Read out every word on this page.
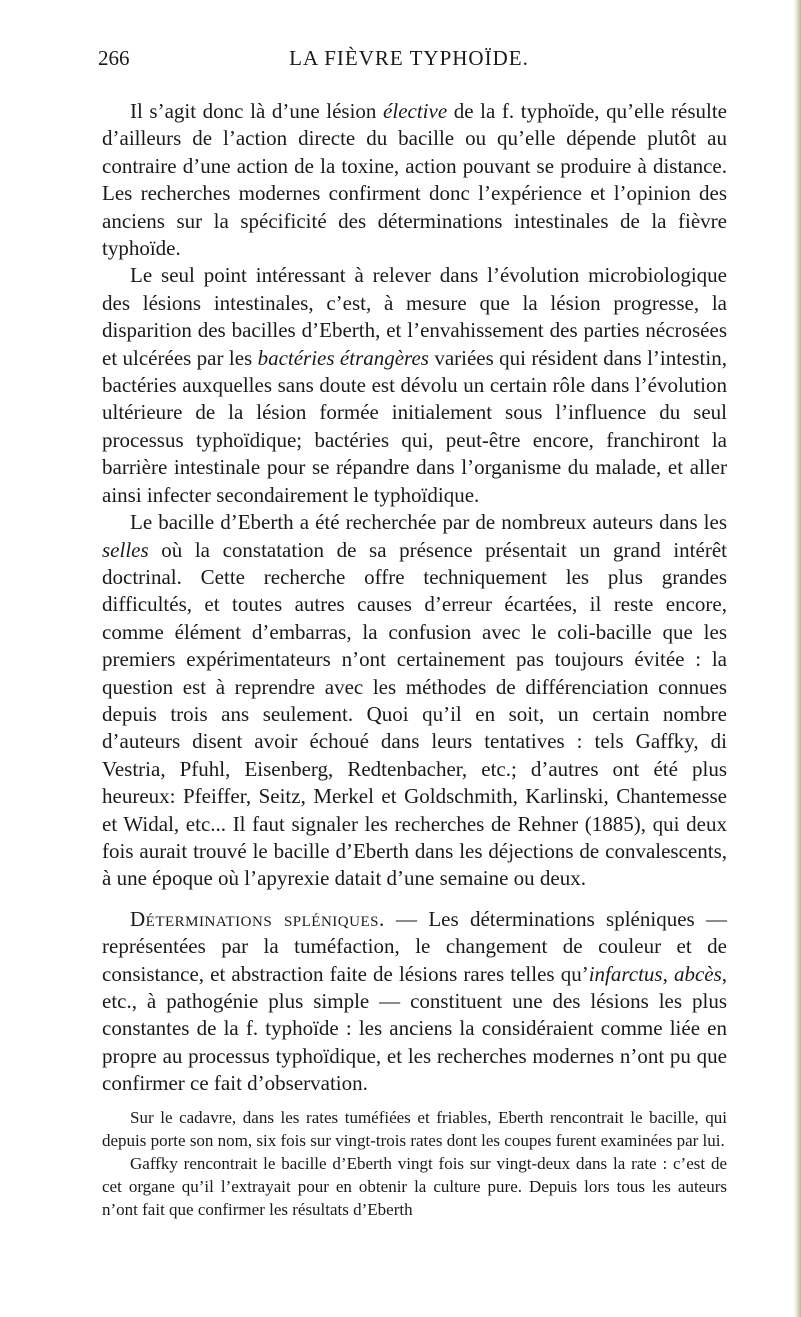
266	LA FIÈVRE TYPHOÏDE.

Il s’agit donc là d’une lésion élective de la f. typhoïde, qu’elle résulte d’ailleurs de l’action directe du bacille ou qu’elle dépende plutôt au contraire d’une action de la toxine, action pouvant se produire à distance. Les recherches modernes confirment donc l’expérience et l’opinion des anciens sur la spécificité des déterminations intestinales de la fièvre typhoïde.

Le seul point intéressant à relever dans l’évolution microbiologique des lésions intestinales, c’est, à mesure que la lésion progresse, la disparition des bacilles d’Eberth, et l’envahissement des parties nécrosées et ulcérées par les bactéries étrangères variées qui résident dans l’intestin, bactéries auxquelles sans doute est dévolu un certain rôle dans l’évolution ultérieure de la lésion formée initialement sous l’influence du seul processus typhoïdique; bactéries qui, peut-être encore, franchiront la barrière intestinale pour se répandre dans l’organisme du malade, et aller ainsi infecter secondairement le typhoïdique.

Le bacille d’Eberth a été recherchée par de nombreux auteurs dans les selles où la constatation de sa présence présentait un grand intérêt doctrinal. Cette recherche offre techniquement les plus grandes difficultés, et toutes autres causes d’erreur écartées, il reste encore, comme élément d’embarras, la confusion avec le coli-bacille que les premiers expérimentateurs n’ont certainement pas toujours évitée : la question est à reprendre avec les méthodes de différenciation connues depuis trois ans seulement. Quoi qu’il en soit, un certain nombre d’auteurs disent avoir échoué dans leurs tentatives : tels Gaffky, di Vestria, Pfuhl, Eisenberg, Redtenbacher, etc.; d’autres ont été plus heureux: Pfeiffer, Seitz, Merkel et Goldschmith, Karlinski, Chantemesse et Widal, etc... Il faut signaler les recherches de Rehner (1885), qui deux fois aurait trouvé le bacille d’Eberth dans les déjections de convalescents, à une époque où l’apyrexie datait d’une semaine ou deux.

Déterminations spléniques. — Les déterminations spléniques — représentées par la tuméfaction, le changement de couleur et de consistance, et abstraction faite de lésions rares telles qu’infarctus, abcès, etc., à pathogénie plus simple — constituent une des lésions les plus constantes de la f. typhoïde : les anciens la considéraient comme liée en propre au processus typhoïdique, et les recherches modernes n’ont pu que confirmer ce fait d’observation.

Sur le cadavre, dans les rates tuméfiées et friables, Eberth rencontrait le bacille, qui depuis porte son nom, six fois sur vingt-trois rates dont les coupes furent examinées par lui.

Gaffky rencontrait le bacille d’Eberth vingt fois sur vingt-deux dans la rate : c’est de cet organe qu’il l’extrayait pour en obtenir la culture pure. Depuis lors tous les auteurs n’ont fait que confirmer les résultats d’Eberth
